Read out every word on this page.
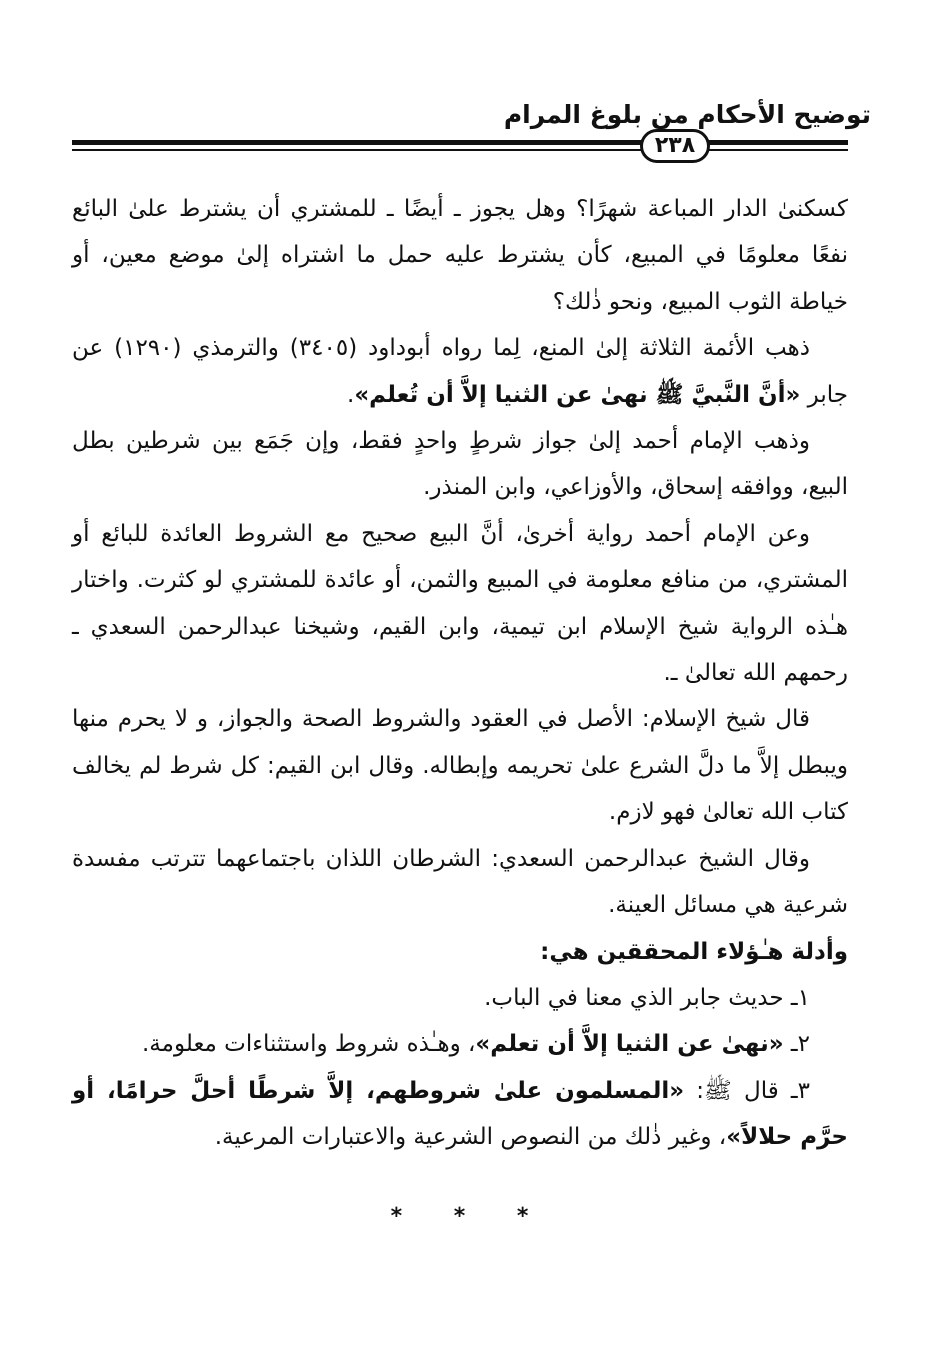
توضيح الأحكام من بلوغ المرام
٢٣٨

كسكنىٰ الدار المباعة شهرًا؟ وهل يجوز ـ أيضًا ـ للمشتري أن يشترط علىٰ البائع نفعًا معلومًا في المبيع، كأن يشترط عليه حمل ما اشتراه إلىٰ موضع معين، أو خياطة الثوب المبيع، ونحو ذٰلك؟

ذهب الأئمة الثلاثة إلىٰ المنع، لِما رواه أبوداود (٣٤٠٥) والترمذي (١٢٩٠) عن جابر «أنَّ النَّبيَّ ﷺ نهىٰ عن الثنيا إلاَّ أن تُعلم».

وذهب الإمام أحمد إلىٰ جواز شرطٍ واحدٍ فقط، وإن جَمَع بين شرطين بطل البيع، ووافقه إسحاق، والأوزاعي، وابن المنذر.

وعن الإمام أحمد رواية أخرىٰ، أنَّ البيع صحيح مع الشروط العائدة للبائع أو المشتري، من منافع معلومة في المبيع والثمن، أو عائدة للمشتري لو كثرت. واختار هـٰذه الرواية شيخ الإسلام ابن تيمية، وابن القيم، وشيخنا عبدالرحمن السعدي ـ رحمهم الله تعالىٰ ـ.

قال شيخ الإسلام: الأصل في العقود والشروط الصحة والجواز، و لا يحرم منها ويبطل إلاَّ ما دلَّ الشرع علىٰ تحريمه وإبطاله. وقال ابن القيم: كل شرط لم يخالف كتاب الله تعالىٰ فهو لازم.

وقال الشيخ عبدالرحمن السعدي: الشرطان اللذان باجتماعهما تترتب مفسدة شرعية هي مسائل العينة.

وأدلة هـٰؤلاء المحققين هي:

١ـ حديث جابر الذي معنا في الباب.

٢ـ «نهىٰ عن الثنيا إلاَّ أن تعلم»، وهـٰذه شروط واستثناءات معلومة.

٣ـ قال ﷺ: «المسلمون علىٰ شروطهم، إلاَّ شرطًا أحلَّ حرامًا، أو حرَّم حلالاً»، وغير ذٰلك من النصوص الشرعية والاعتبارات المرعية.

* * *
